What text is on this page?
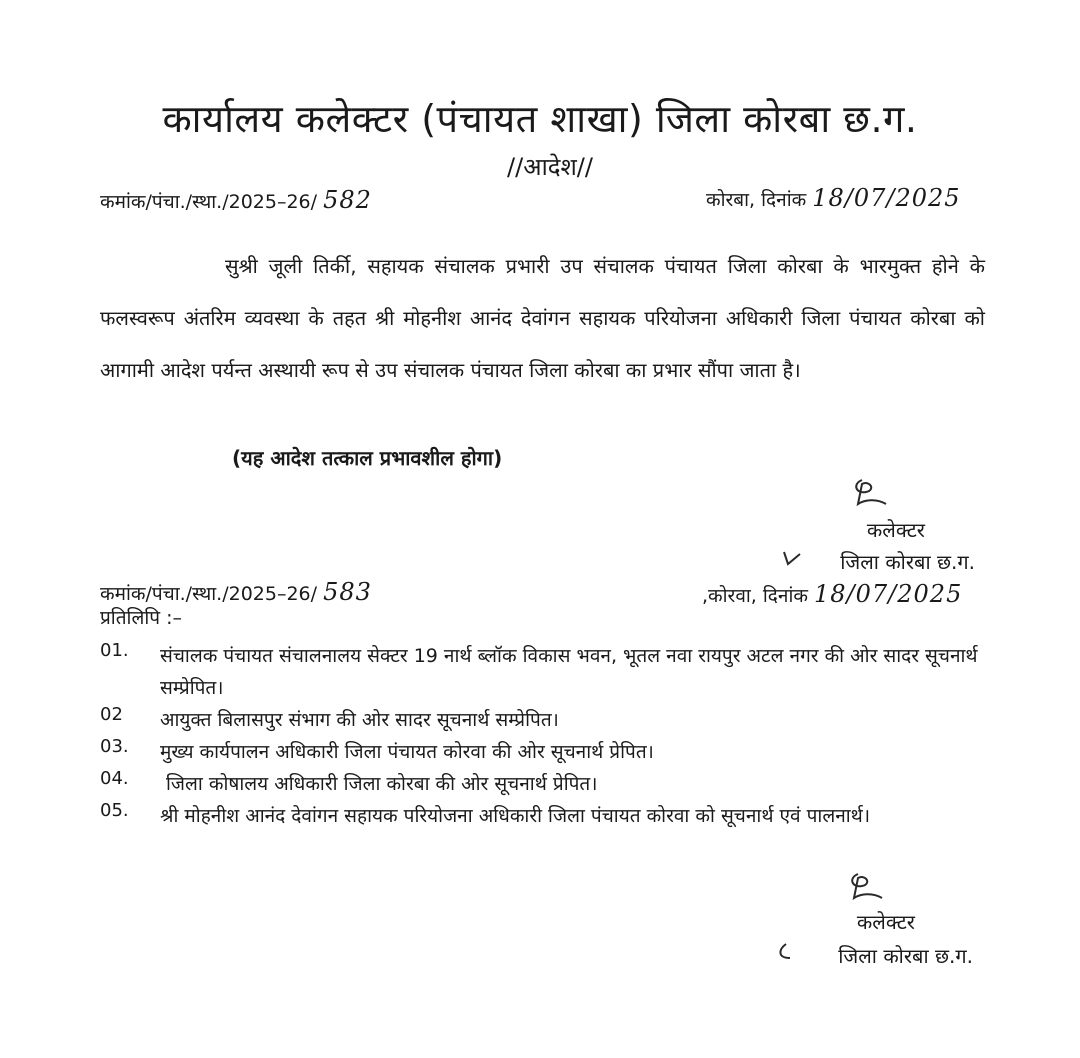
कार्यालय कलेक्टर (पंचायत शाखा) जिला कोरबा छ.ग.
//आदेश//
कमांक/पंचा./स्था./2025–26/ 582	कोरबा, दिनांक 18/07/2025
सुश्री जूली तिर्की, सहायक संचालक प्रभारी उप संचालक पंचायत जिला कोरबा के भारमुक्त होने के फलस्वरूप अंतरिम व्यवस्था के तहत श्री मोहनीश आनंद देवांगन सहायक परियोजना अधिकारी जिला पंचायत कोरबा को आगामी आदेश पर्यन्त अस्थायी रूप से उप संचालक पंचायत जिला कोरबा का प्रभार सौंपा जाता है।
(यह आदेश तत्काल प्रभावशील होगा)
कलेक्टर
जिला कोरबा छ.ग.
कमांक/पंचा./स्था./2025–26/ 583	,कोरवा, दिनांक 18/07/2025
प्रतिलिपि :–
01.	संचालक पंचायत संचालनालय सेक्टर 19 नार्थ ब्लॉक विकास भवन, भूतल नवा रायपुर अटल नगर की ओर सादर सूचनार्थ सम्प्रेपित।
02	आयुक्त बिलासपुर संभाग की ओर सादर सूचनार्थ सम्प्रेपित।
03.	मुख्य कार्यपालन अधिकारी जिला पंचायत कोरवा की ओर सूचनार्थ प्रेपित।
04.	जिला कोषालय अधिकारी जिला कोरबा की ओर सूचनार्थ प्रेपित।
05.	श्री मोहनीश आनंद देवांगन सहायक परियोजना अधिकारी जिला पंचायत कोरवा को सूचनार्थ एवं पालनार्थ।
कलेक्टर
जिला कोरबा छ.ग.
